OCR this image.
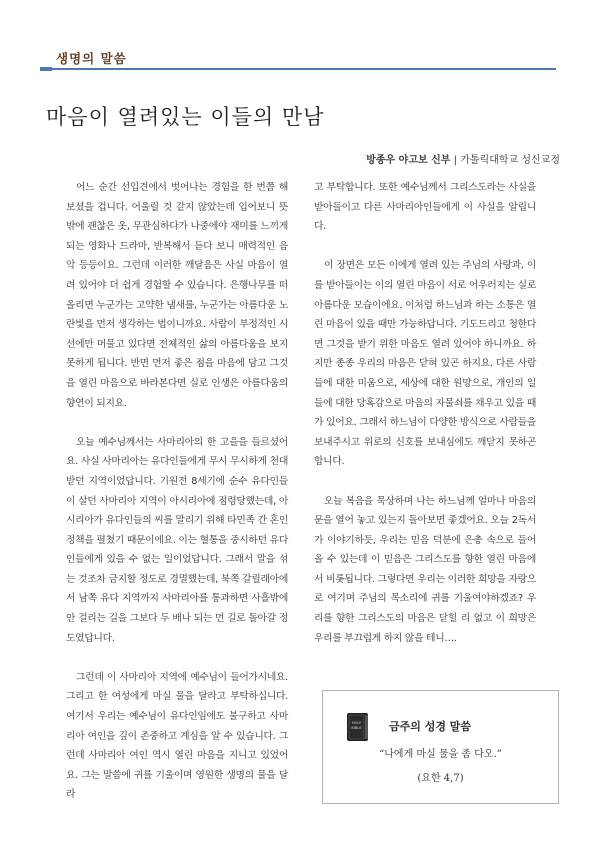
생명의 말씀
마음이 열려있는 이들의 만남
방종우 야고보 신부 | 가톨릭대학교 성신교정

어느 순간 선입견에서 벗어나는 경험을 한 번쯤 해 보셨을 겁니다. 어울릴 것 같지 않았는데 입어보니 뜻밖에 괜찮은 옷, 무관심하다가 나중에야 재미를 느끼게 되는 영화나 드라마, 반복해서 듣다 보니 매력적인 음악 등등이요. 그런데 이러한 깨달음은 사실 마음이 열려 있어야 더 쉽게 경험할 수 있습니다. 은행나무를 떠올리면 누군가는 고약한 냄새를, 누군가는 아름다운 노란빛을 먼저 생각하는 법이니까요. 사람이 부정적인 시선에만 머물고 있다면 전체적인 삶의 아름다움을 보지 못하게 됩니다. 반면 먼저 좋은 점을 마음에 담고 그것을 열린 마음으로 바라본다면 실로 인생은 아름다움의 향연이 되지요.

오늘 예수님께서는 사마리아의 한 고을을 들르셨어요. 사실 사마리아는 유다인들에게 무시 무시하게 천대받던 지역이었답니다. 기원전 8세기에 순수 유다인들이 살던 사마리아 지역이 아시리아에 점령당했는데, 아시리아가 유다인들의 씨를 말리기 위해 타민족 간 혼인 정책을 펼쳤기 때문이에요. 이는 혈통을 중시하던 유다인들에게 있을 수 없는 일이었답니다. 그래서 말을 섞는 것조차 금지할 정도로 경멸했는데, 북쪽 갈릴래아에서 남쪽 유다 지역까지 사마리아를 통과하면 사흘밖에 안 걸리는 길을 그보다 두 배나 되는 먼 길로 돌아갈 정도였답니다.

그런데 이 사마리아 지역에 예수님이 들어가시네요. 그리고 한 여성에게 마실 물을 달라고 부탁하십니다. 여기서 우리는 예수님이 유다인임에도 불구하고 사마리아 여인을 깊이 존중하고 계심을 알 수 있습니다. 그런데 사마리아 여인 역시 열린 마음을 지니고 있었어요. 그는 말씀에 귀를 기울이며 영원한 생명의 물을 달라

고 부탁합니다. 또한 예수님께서 그리스도라는 사실을 받아들이고 다른 사마리아인들에게 이 사실을 알립니다.

이 장면은 모든 이에게 열려 있는 주님의 사랑과, 이를 받아들이는 이의 열린 마음이 서로 어우러지는 실로 아름다운 모습이에요. 이처럼 하느님과 하는 소통은 열린 마음이 있을 때만 가능하답니다. 기도드리고 청한다면 그것을 받기 위한 마음도 열려 있어야 하니까요. 하지만 종종 우리의 마음은 닫혀 있곤 하지요. 다른 사람들에 대한 미움으로, 세상에 대한 원망으로, 개인의 일들에 대한 당혹감으로 마음의 자물쇠를 채우고 있을 때가 있어요. 그래서 하느님이 다양한 방식으로 사람들을 보내주시고 위로의 신호를 보내심에도 깨닫지 못하곤 합니다.

오늘 복음을 묵상하며 나는 하느님께 얼마나 마음의 문을 열어 놓고 있는지 돌아보면 좋겠어요. 오늘 2독서가 이야기하듯, 우리는 믿음 덕분에 은총 속으로 들어올 수 있는데 이 믿음은 그리스도를 향한 열린 마음에서 비롯됩니다. 그렇다면 우리는 이러한 희망을 자랑으로 여기며 주님의 목소리에 귀를 기울여야하겠죠? 우리를 향한 그리스도의 마음은 닫힐 리 없고 이 희망은 우리를 부끄럽게 하지 않을 테니….

HOLY
BIBLE 금주의 성경 말씀
“나에게 마실 물을 좀 다오.”
(요한 4,7)
